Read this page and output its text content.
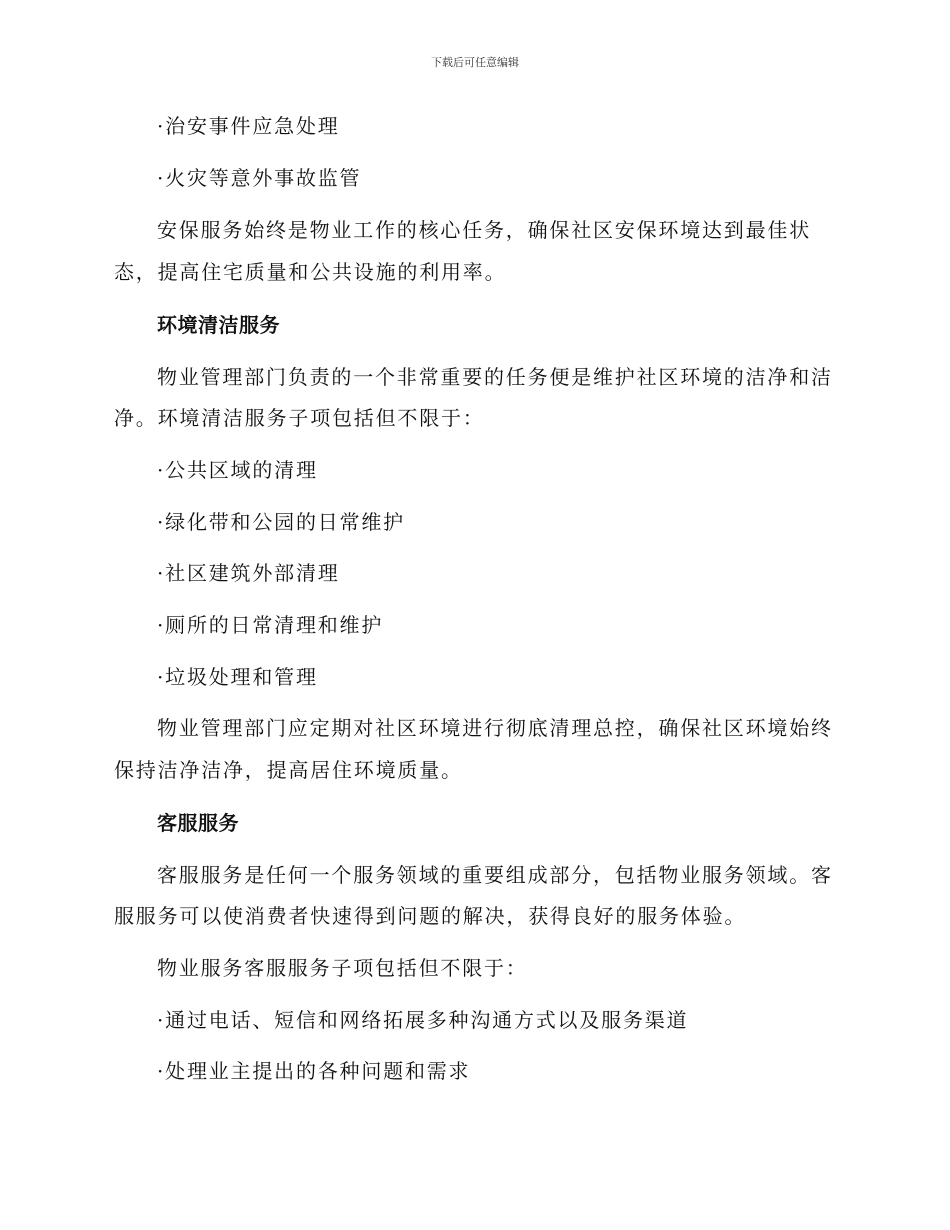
下载后可任意编辑
·治安事件应急处理
·火灾等意外事故监管
安保服务始终是物业工作的核心任务，确保社区安保环境达到最佳状
态，提高住宅质量和公共设施的利用率。
环境清洁服务
物业管理部门负责的一个非常重要的任务便是维护社区环境的洁净和洁
净。环境清洁服务子项包括但不限于：
·公共区域的清理
·绿化带和公园的日常维护
·社区建筑外部清理
·厕所的日常清理和维护
·垃圾处理和管理
物业管理部门应定期对社区环境进行彻底清理总控，确保社区环境始终
保持洁净洁净，提高居住环境质量。
客服服务
客服服务是任何一个服务领域的重要组成部分，包括物业服务领域。客
服服务可以使消费者快速得到问题的解决，获得良好的服务体验。
物业服务客服服务子项包括但不限于：
·通过电话、短信和网络拓展多种沟通方式以及服务渠道
·处理业主提出的各种问题和需求
